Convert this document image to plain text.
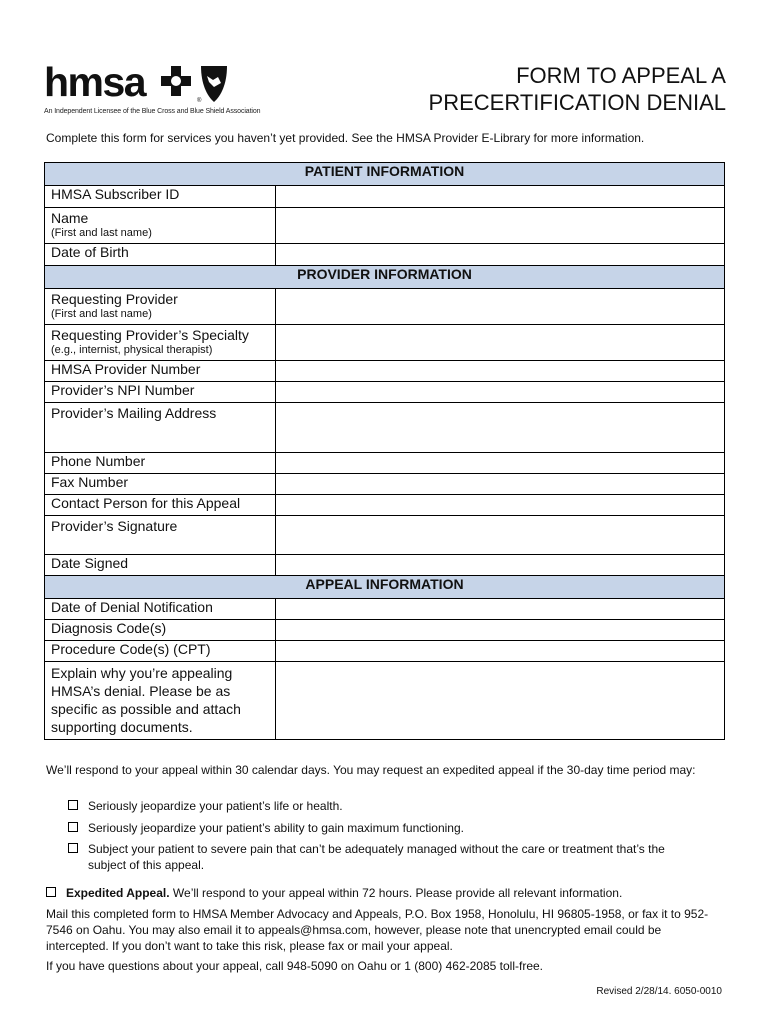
hmsa	®
An Independent Licensee of the Blue Cross and Blue Shield Association
FORM TO APPEAL A
PRECERTIFICATION DENIAL
Complete this form for services you haven’t yet provided. See the HMSA Provider E-Library for more information.
PATIENT INFORMATION	
HMSA Subscriber ID	
Name
(First and last name)	

Date of Birth	
PROVIDER INFORMATION	
Requesting Provider
(First and last name)	

Requesting Provider’s Specialty
(e.g., internist, physical therapist)	

HMSA Provider Number	
Provider’s NPI Number	
Provider’s Mailing Address	
Phone Number	
Fax Number	
Contact Person for this Appeal	
Provider’s Signature	
Date Signed	
APPEAL INFORMATION	
Date of Denial Notification	
Diagnosis Code(s)	
Procedure Code(s) (CPT)	
Explain why you’re appealing HMSA’s denial. Please be as specific as possible and attach supporting documents.	
We’ll respond to your appeal within 30 calendar days. You may request an expedited appeal if the 30-day time period may:
Seriously jeopardize your patient’s life or health.
Seriously jeopardize your patient’s ability to gain maximum functioning.
Subject your patient to severe pain that can’t be adequately managed without the care or treatment that’s the subject of this appeal.
Expedited Appeal. We’ll respond to your appeal within 72 hours. Please provide all relevant information.
Mail this completed form to HMSA Member Advocacy and Appeals, P.O. Box 1958, Honolulu, HI 96805-1958, or fax it to 952-7546 on Oahu. You may also email it to appeals@hmsa.com, however, please note that unencrypted email could be intercepted. If you don’t want to take this risk, please fax or mail your appeal.
If you have questions about your appeal, call 948-5090 on Oahu or 1 (800) 462-2085 toll-free.
Revised 2/28/14. 6050-0010
